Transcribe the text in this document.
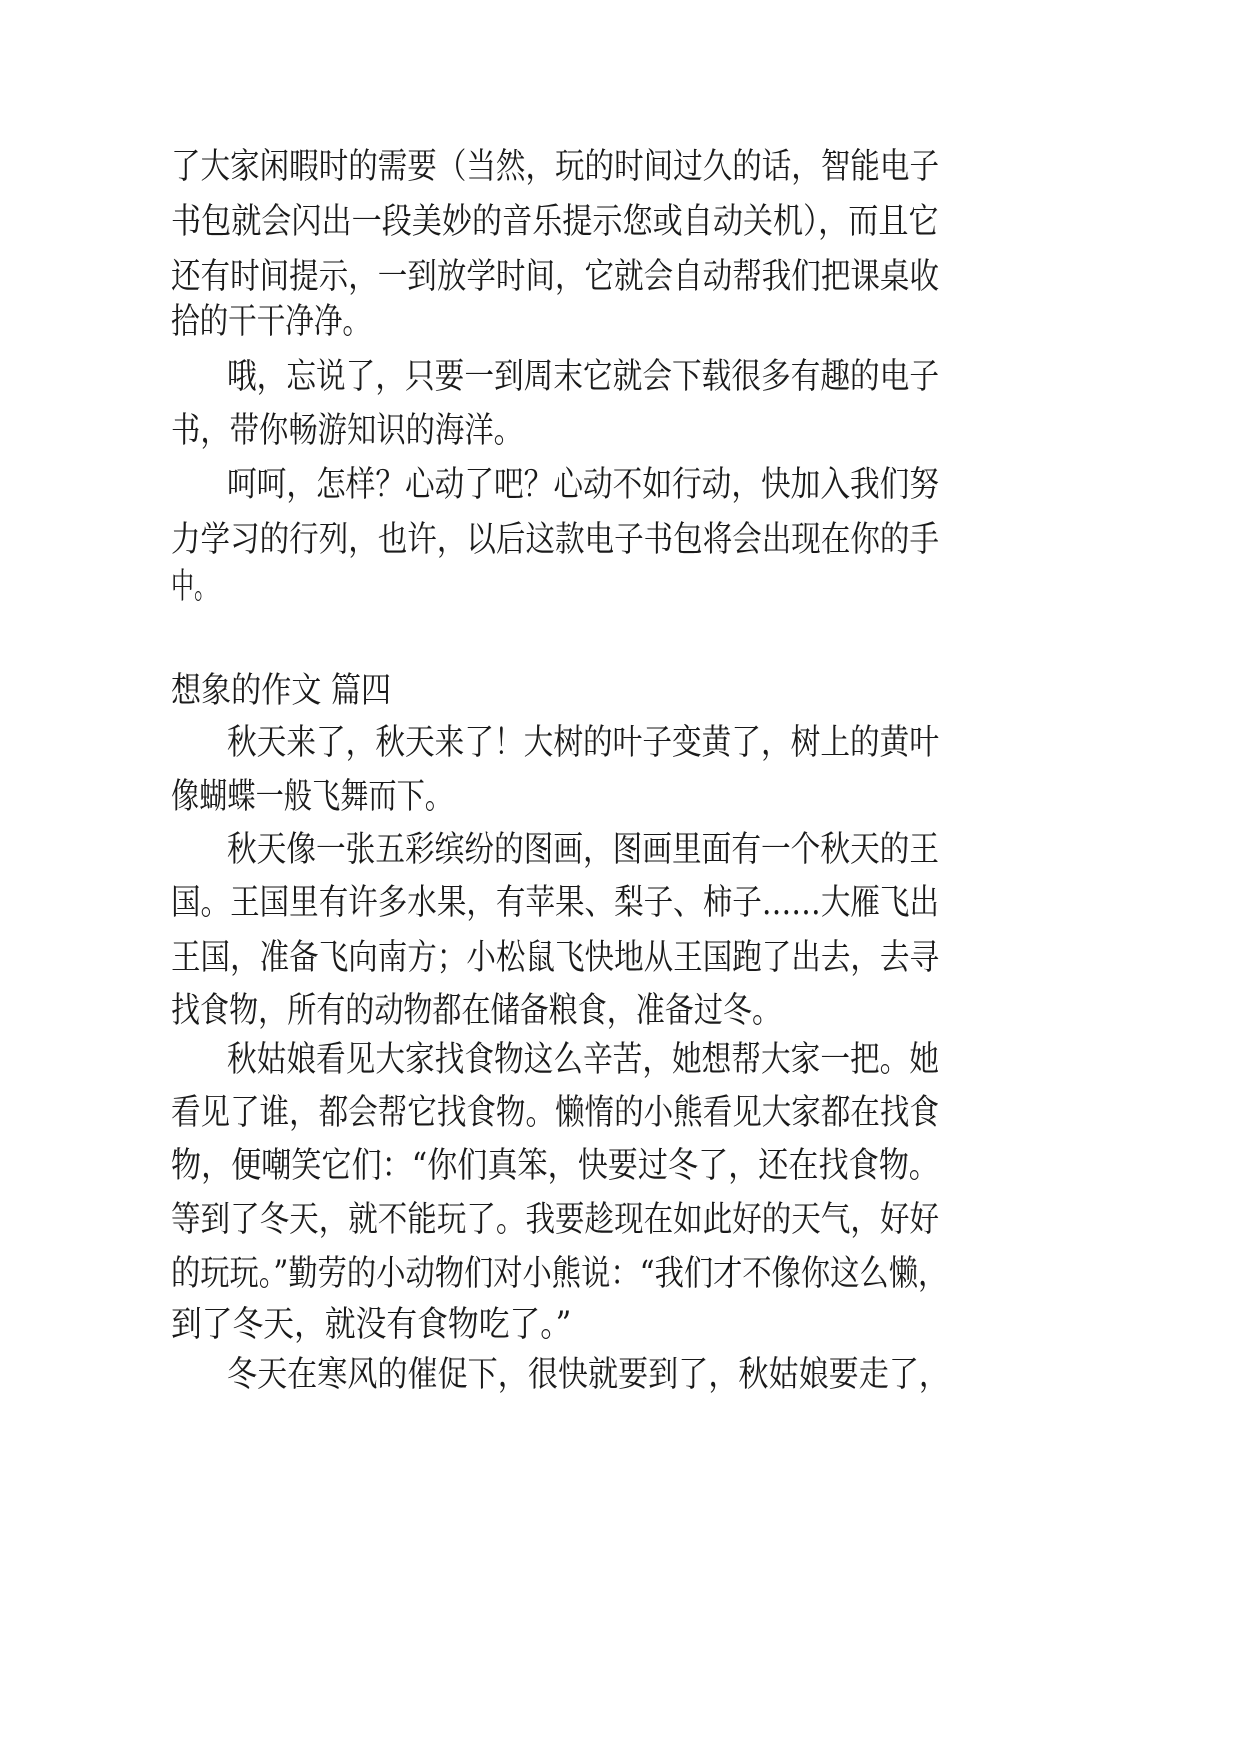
了大家闲暇时的需要（当然，玩的时间过久的话，智能电子
书包就会闪出一段美妙的音乐提示您或自动关机），而且它
还有时间提示，一到放学时间，它就会自动帮我们把课桌收
拾的干干净净。
哦，忘说了，只要一到周末它就会下载很多有趣的电子
书，带你畅游知识的海洋。
呵呵，怎样？心动了吧？心动不如行动，快加入我们努
力学习的行列，也许，以后这款电子书包将会出现在你的手
中。
想象的作文 篇四
秋天来了，秋天来了！大树的叶子变黄了，树上的黄叶
像蝴蝶一般飞舞而下。
秋天像一张五彩缤纷的图画，图画里面有一个秋天的王
国。王国里有许多水果，有苹果、梨子、柿子……大雁飞出
王国，准备飞向南方；小松鼠飞快地从王国跑了出去，去寻
找食物，所有的动物都在储备粮食，准备过冬。
秋姑娘看见大家找食物这么辛苦，她想帮大家一把。她
看见了谁，都会帮它找食物。懒惰的小熊看见大家都在找食
物，便嘲笑它们：“你们真笨，快要过冬了，还在找食物。
等到了冬天，就不能玩了。我要趁现在如此好的天气，好好
的玩玩。”勤劳的小动物们对小熊说：“我们才不像你这么懒，
到了冬天，就没有食物吃了。”
冬天在寒风的催促下，很快就要到了，秋姑娘要走了，
